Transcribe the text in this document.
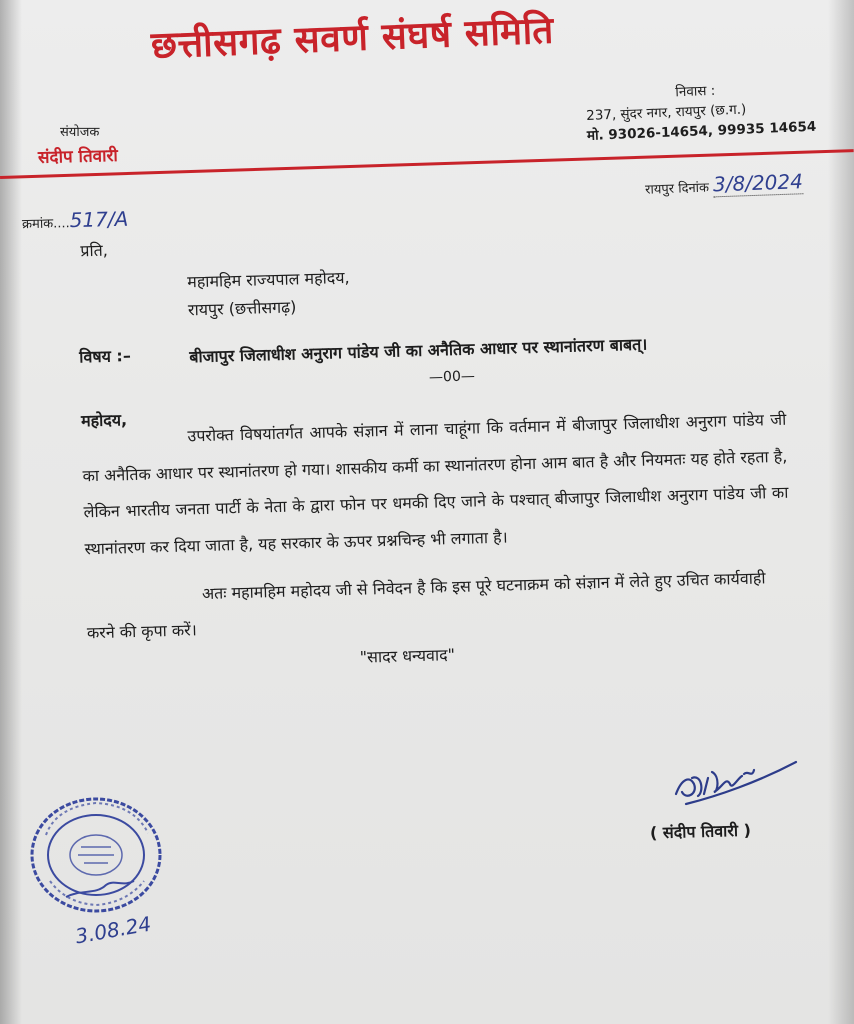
छत्तीसगढ़ सवर्ण संघर्ष समिति
संयोजक
संदीप तिवारी
निवास :
237, सुंदर नगर, रायपुर (छ.ग.)
मो. 93026-14654, 99935 14654
रायपुर दिनांक 3/8/2024
क्रमांक....517/A
प्रति,
महामहिम राज्यपाल महोदय,
रायपुर (छत्तीसगढ़)
विषय :–	बीजापुर जिलाधीश अनुराग पांडेय जी का अनैतिक आधार पर स्थानांतरण बाबत्।
—00—
महोदय,	उपरोक्त विषयांतर्गत आपके संज्ञान में लाना चाहूंगा कि वर्तमान में बीजापुर जिलाधीश अनुराग पांडेय जी का अनैतिक आधार पर स्थानांतरण हो गया। शासकीय कर्मी का स्थानांतरण होना आम बात है और नियमतः यह होते रहता है, लेकिन भारतीय जनता पार्टी के नेता के द्वारा फोन पर धमकी दिए जाने के पश्चात् बीजापुर जिलाधीश अनुराग पांडेय जी का स्थानांतरण कर दिया जाता है, यह सरकार के ऊपर प्रश्नचिन्ह भी लगाता है।
अतः महामहिम महोदय जी से निवेदन है कि इस पूरे घटनाक्रम को संज्ञान में लेते हुए उचित कार्यवाही करने की कृपा करें।
"सादर धन्यवाद"
( संदीप तिवारी )
3.08.24
